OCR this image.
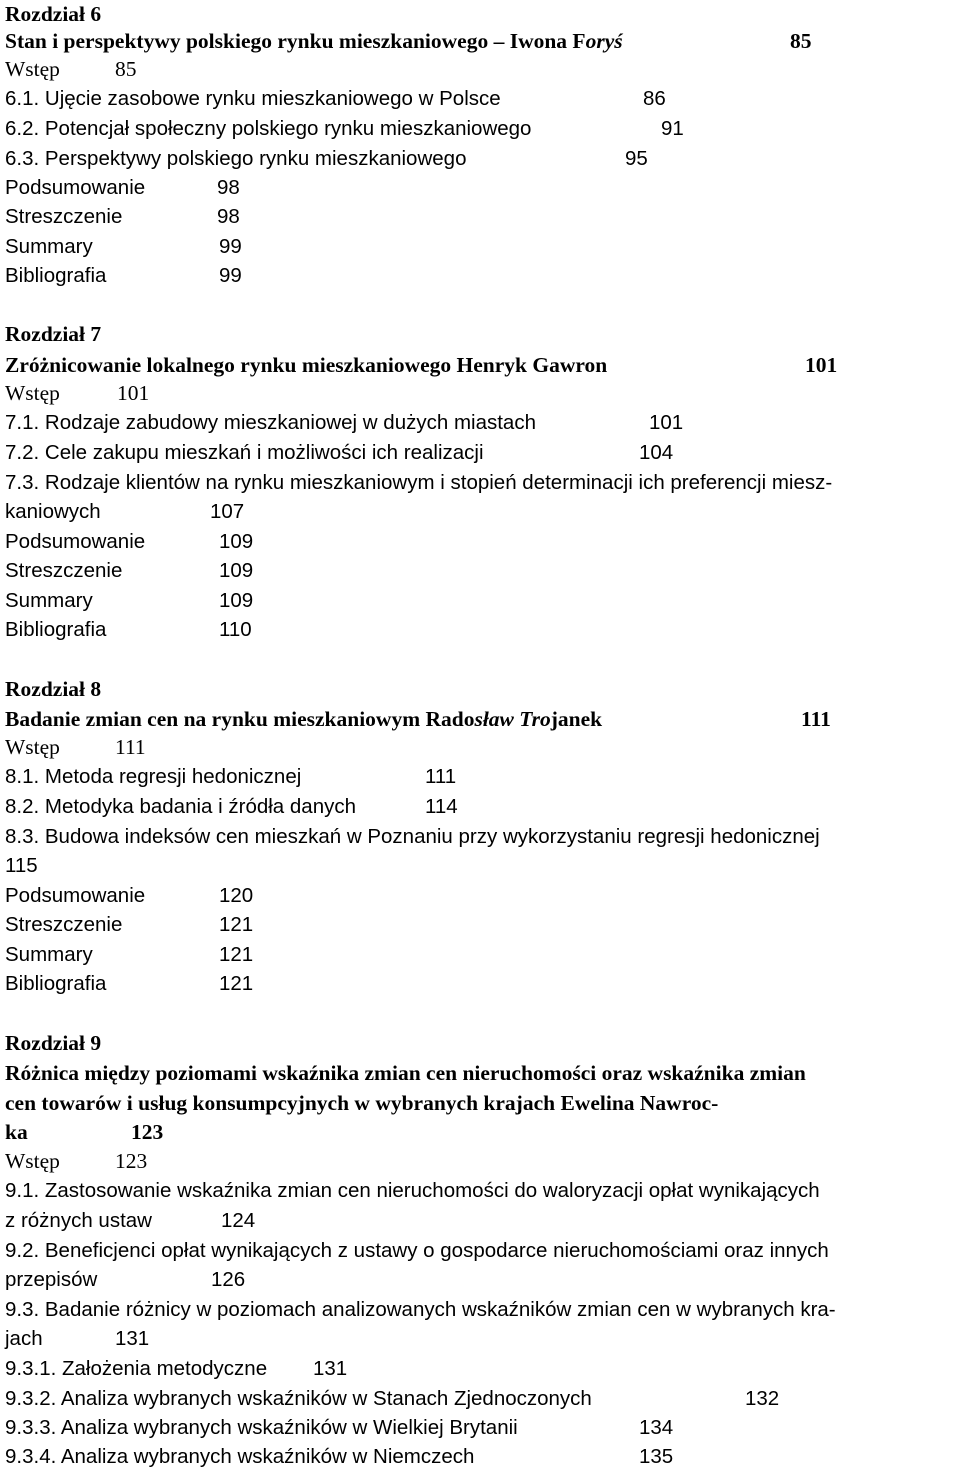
Rozdział 6
Stan i perspektywy polskiego rynku mieszkaniowego – Iwona Foryś	85
Wstęp	85
6.1. Ujęcie zasobowe rynku mieszkaniowego w Polsce	86
6.2. Potencjał społeczny polskiego rynku mieszkaniowego	91
6.3. Perspektywy polskiego rynku mieszkaniowego	95
Podsumowanie	98
Streszczenie	98
Summary	99
Bibliografia	99
Rozdział 7
Zróżnicowanie lokalnego rynku mieszkaniowego Henryk Gawron	101
Wstęp	101
7.1. Rodzaje zabudowy mieszkaniowej w dużych miastach	101
7.2. Cele zakupu mieszkań i możliwości ich realizacji	104
7.3. Rodzaje klientów na rynku mieszkaniowym i stopień determinacji ich preferencji miesz-
kaniowych	107
Podsumowanie	109
Streszczenie	109
Summary	109
Bibliografia	110
Rozdział 8
Badanie zmian cen na rynku mieszkaniowym Radosław Trojanek	111
Wstęp	111
8.1. Metoda regresji hedonicznej	111
8.2. Metodyka badania i źródła danych	114
8.3. Budowa indeksów cen mieszkań w Poznaniu przy wykorzystaniu regresji hedonicznej
115
Podsumowanie	120
Streszczenie	121
Summary	121
Bibliografia	121
Rozdział 9
Różnica między poziomami wskaźnika zmian cen nieruchomości oraz wskaźnika zmian
cen towarów i usług konsumpcyjnych w wybranych krajach Ewelina Nawroc-
ka	123
Wstęp	123
9.1. Zastosowanie wskaźnika zmian cen nieruchomości do waloryzacji opłat wynikających
z różnych ustaw	124
9.2. Beneficjenci opłat wynikających z ustawy o gospodarce nieruchomościami oraz innych
przepisów	126
9.3. Badanie różnicy w poziomach analizowanych wskaźników zmian cen w wybranych kra-
jach	131
9.3.1. Założenia metodyczne 131
9.3.2. Analiza wybranych wskaźników w Stanach Zjednoczonych	132
9.3.3. Analiza wybranych wskaźników w Wielkiej Brytanii	134
9.3.4. Analiza wybranych wskaźników w Niemczech	135
